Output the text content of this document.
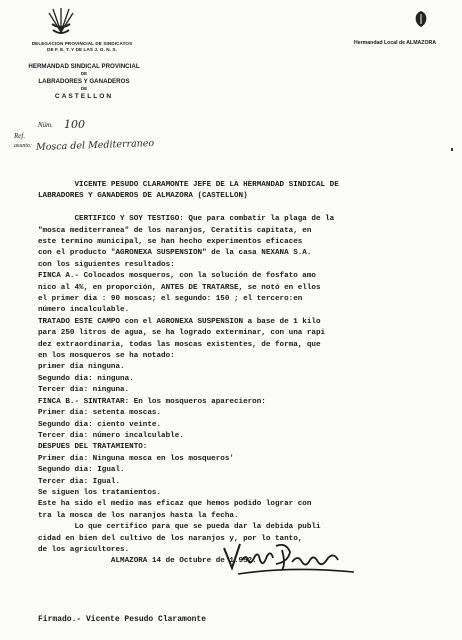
DELEGACION PROVINCIAL DE SINDICATOS
DE F. E. T. Y DE LAS J. O. N. S.
HERMANDAD SINDICAL PROVINCIAL
DE
LABRADORES Y GANADEROS
DE
CASTELLON
Núm. 100
Ref.
asunto: Mosca del Mediterraneo
Hermandad Local de ALMAZORA
VICENTE PESUDO CLARAMONTE JEFE DE LA HERMANDAD SINDICAL DE
LABRADORES Y GANADEROS DE ALMAZORA (CASTELLON)
CERTIFICO Y SOY TESTIGO: Que para combatir la plaga de la
"mosca mediterranea" de los naranjos, Ceratitis capitata, en
este termino municipal, se han hecho experimentos eficaces
con el producto "AGRONEXA SUSPENSION" de la casa NEXANA S.A.
con los siguientes resultados:
FINCA A.- Colocados mosqueros, con la solución de fosfato amo
nico al 4%, en proporción, ANTES DE TRATARSE, se notó en ellos
el primer dia : 90 moscas; el segundo: 150 ; el tercero:en
número incalculable.
TRATADO ESTE CAMPO con el AGRONEXA SUSPENSION a base de 1 kilo
para 250 litros de agua, se ha logrado exterminar, con una rapi
dez extraordinaria, todas las moscas existentes, de forma, que
en los mosqueros se ha notado:
primer dia ninguna.
Segundo dia: ninguna.
Tercer dia: ninguna.
FINCA B.- SINTRATAR: En los mosqueros aparecieron:
Primer dia: setenta moscas.
Segundo dia: ciento veinte.
Tercer dia: número incalculable.
DESPUES DEL TRATAMIENTO:
Primer dia: Ninguna mosca en los mosqueros'
Segundo dia: Igual.
Tercer dia: Igual.
Se siguen los tratamientos.
Este ha sido el medio mas eficaz que hemos podido lograr con
tra la mosca de los naranjos hasta la fecha.
Lo que certifico para que se pueda dar la debida publi
cidad en bien del cultivo de los naranjos y, por lo tanto,
de los agricultores.
ALMAZORA 14 de Octubre de 1.952.
Firmado.- Vicente Pesudo Claramonte
